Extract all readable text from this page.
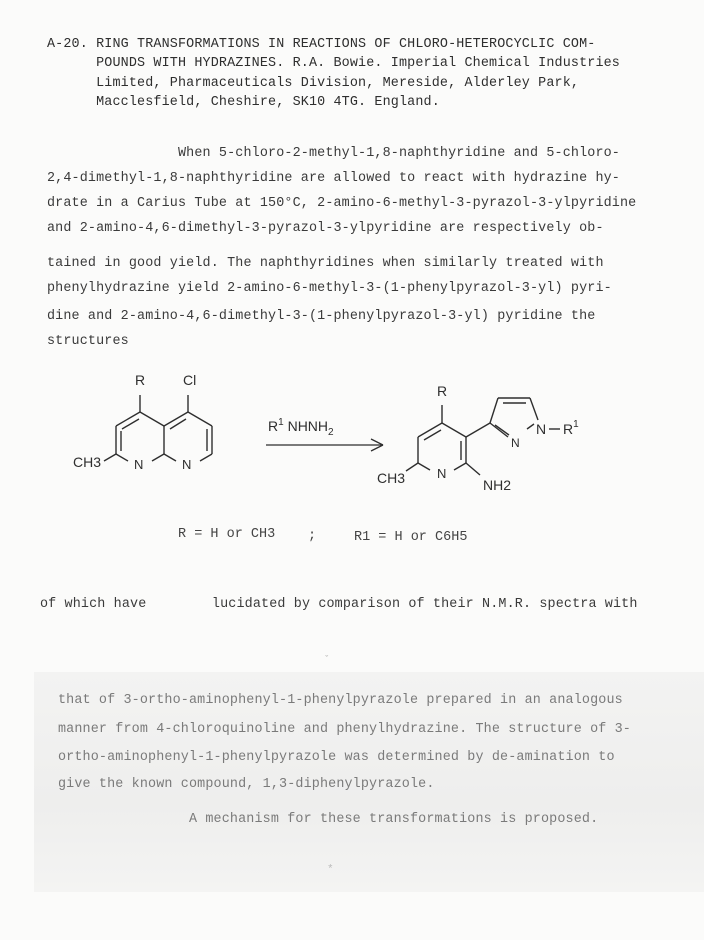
A-20. RING TRANSFORMATIONS IN REACTIONS OF CHLORO-HETEROCYCLIC COM-
POUNDS WITH HYDRAZINES. R.A. Bowie. Imperial Chemical Industries
Limited, Pharmaceuticals Division, Mereside, Alderley Park,
Macclesfield, Cheshire, SK10 4TG. England.
When 5-chloro-2-methyl-1,8-naphthyridine and 5-chloro-
2,4-dimethyl-1,8-naphthyridine are allowed to react with hydrazine hy-
drate in a Carius Tube at 150°C, 2-amino-6-methyl-3-pyrazol-3-ylpyridine
and 2-amino-4,6-dimethyl-3-pyrazol-3-ylpyridine are respectively ob-
tained in good yield. The naphthyridines when similarly treated with
phenylhydrazine yield 2-amino-6-methyl-3-(1-phenylpyrazol-3-yl) pyri-
dine and 2-amino-4,6-dimethyl-3-(1-phenylpyrazol-3-yl) pyridine the
structures
R	Cl
CH3	N	N
$R^1$ $NHNH_2$
R
N
N $R^1$
CH3 N
NH2
R = H or CH3 ;	R1 = H or C6H5
of which have        lucidated by comparison of their N.M.R. spectra with
ˇ
that of 3-ortho-aminophenyl-1-phenylpyrazole prepared in an analogous
manner from 4-chloroquinoline and phenylhydrazine. The structure of 3-
ortho-aminophenyl-1-phenylpyrazole was determined by de-amination to
give the known compound, 1,3-diphenylpyrazole.
A mechanism for these transformations is proposed.
*
